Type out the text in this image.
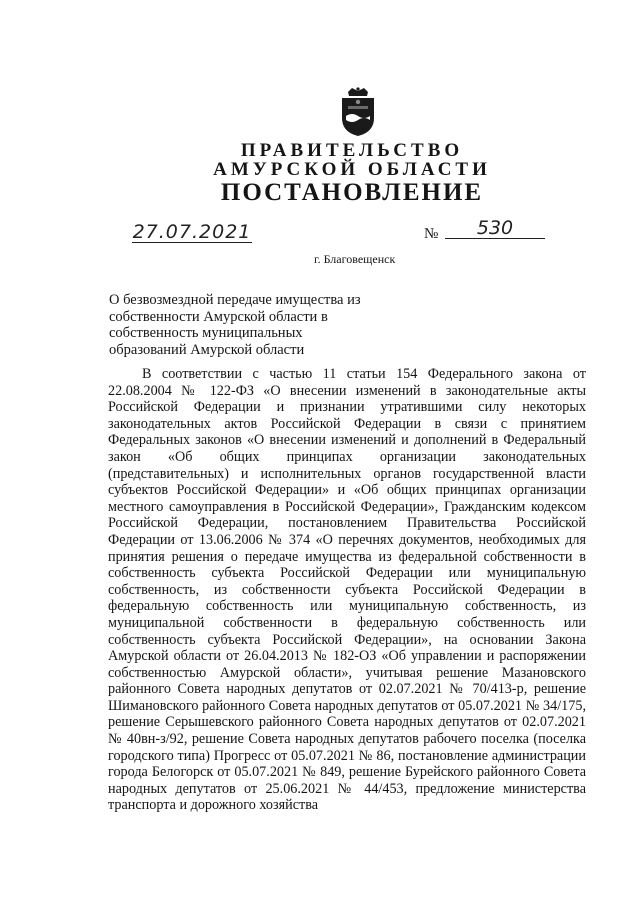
ПРАВИТЕЛЬСТВО
АМУРСКОЙ ОБЛАСТИ
ПОСТАНОВЛЕНИЕ
27.07.2021	№	530
г. Благовещенск
О безвозмездной передаче имущества из собственности Амурской области в собственность муниципальных образований Амурской области
В соответствии с частью 11 статьи 154 Федерального закона от 22.08.2004 № 122-ФЗ «О внесении изменений в законодательные акты Российской Федерации и признании утратившими силу некоторых законодательных актов Российской Федерации в связи с принятием Федеральных законов «О внесении изменений и дополнений в Федеральный закон «Об общих принципах организации законодательных (представительных) и исполнительных органов государственной власти субъектов Российской Федерации» и «Об общих принципах организации местного самоуправления в Российской Федерации», Гражданским кодексом Российской Федерации, постановлением Правительства Российской Федерации от 13.06.2006 № 374 «О перечнях документов, необходимых для принятия решения о передаче имущества из федеральной собственности в собственность субъекта Российской Федерации или муниципальную собственность, из собственности субъекта Российской Федерации в федеральную собственность или муниципальную собственность, из муниципальной собственности в федеральную собственность или собственность субъекта Российской Федерации», на основании Закона Амурской области от 26.04.2013 № 182-ОЗ «Об управлении и распоряжении собственностью Амурской области», учитывая решение Мазановского районного Совета народных депутатов от 02.07.2021 № 70/413-р, решение Шимановского районного Совета народных депутатов от 05.07.2021 № 34/175, решение Серышевского районного Совета народных депутатов от 02.07.2021 № 40вн-з/92, решение Совета народных депутатов рабочего поселка (поселка городского типа) Прогресс от 05.07.2021 № 86, постановление администрации города Белогорск от 05.07.2021 № 849, решение Бурейского районного Совета народных депутатов от 25.06.2021 № 44/453, предложение министерства транспорта и дорожного хозяйства
